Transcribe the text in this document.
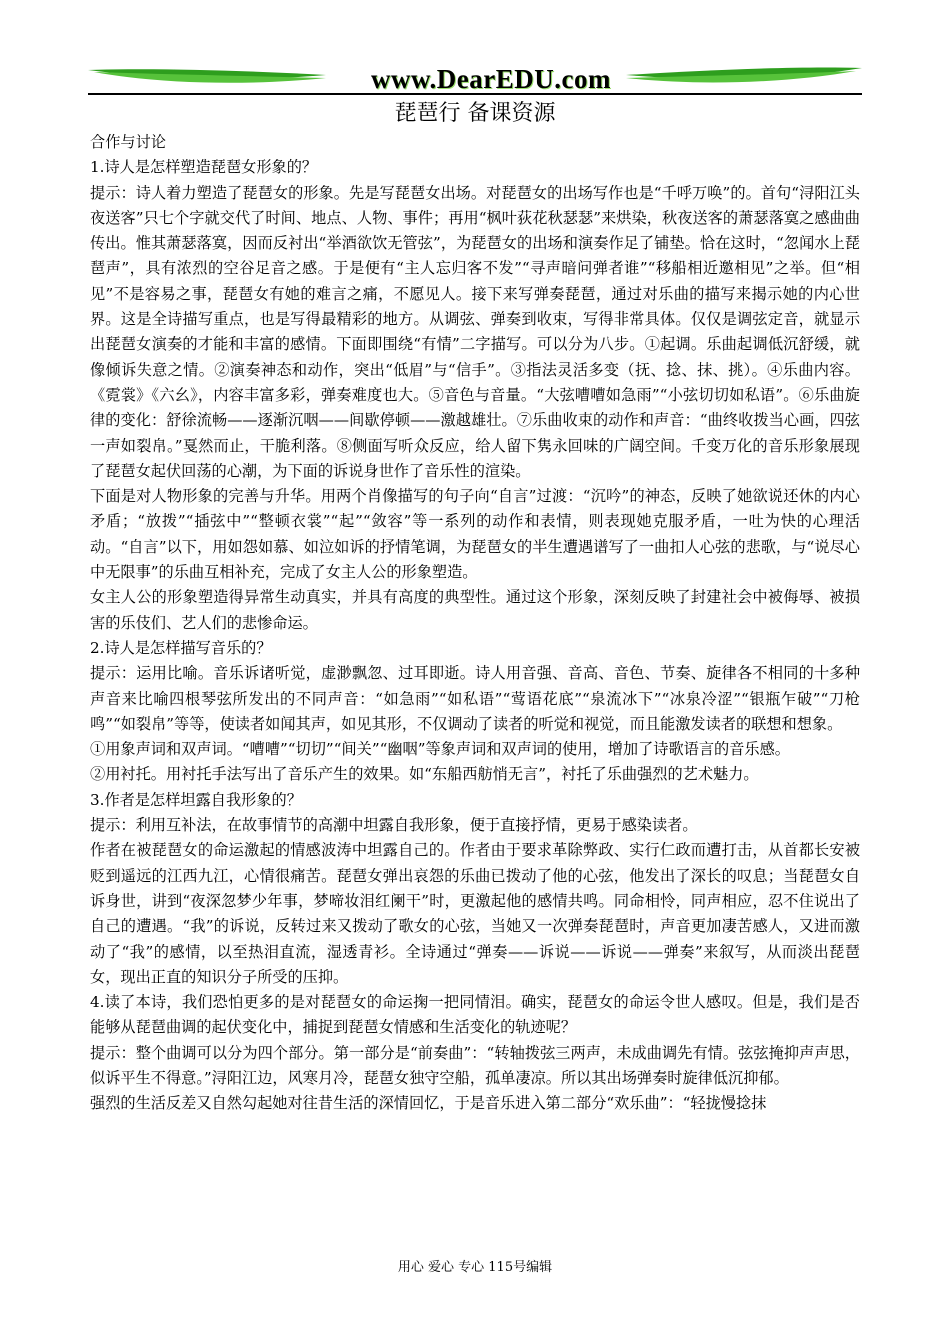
www.DearEDU.com
琵琶行 备课资源

合作与讨论

1.诗人是怎样塑造琵琶女形象的？

提示：诗人着力塑造了琵琶女的形象。先是写琵琶女出场。对琵琶女的出场写作也是“千呼万唤”的。首句“浔阳江头夜送客”只七个字就交代了时间、地点、人物、事件；再用“枫叶荻花秋瑟瑟”来烘染，秋夜送客的萧瑟落寞之感曲曲传出。惟其萧瑟落寞，因而反衬出“举酒欲饮无管弦”，为琵琶女的出场和演奏作足了铺垫。恰在这时，“忽闻水上琵琶声”，具有浓烈的空谷足音之感。于是便有“主人忘归客不发”“寻声暗问弹者谁”“移船相近邀相见”之举。但“相见”不是容易之事，琵琶女有她的难言之痛，不愿见人。接下来写弹奏琵琶，通过对乐曲的描写来揭示她的内心世界。这是全诗描写重点，也是写得最精彩的地方。从调弦、弹奏到收束，写得非常具体。仅仅是调弦定音，就显示出琵琶女演奏的才能和丰富的感情。下面即围绕“有情”二字描写。可以分为八步。①起调。乐曲起调低沉舒缓，就像倾诉失意之情。②演奏神态和动作，突出“低眉”与“信手”。③指法灵活多变（抚、捻、抹、挑）。④乐曲内容。《霓裳》《六幺》，内容丰富多彩，弹奏难度也大。⑤音色与音量。“大弦嘈嘈如急雨”“小弦切切如私语”。⑥乐曲旋律的变化：舒徐流畅——逐渐沉咽——间歇停顿——激越雄壮。⑦乐曲收束的动作和声音：“曲终收拨当心画，四弦一声如裂帛。”戛然而止，干脆利落。⑧侧面写听众反应，给人留下隽永回味的广阔空间。千变万化的音乐形象展现了琵琶女起伏回荡的心潮，为下面的诉说身世作了音乐性的渲染。

下面是对人物形象的完善与升华。用两个肖像描写的句子向“自言”过渡：“沉吟”的神态，反映了她欲说还休的内心矛盾；“放拨”“插弦中”“整顿衣裳”“起”“敛容”等一系列的动作和表情，则表现她克服矛盾，一吐为快的心理活动。“自言”以下，用如怨如慕、如泣如诉的抒情笔调，为琵琶女的半生遭遇谱写了一曲扣人心弦的悲歌，与“说尽心中无限事”的乐曲互相补充，完成了女主人公的形象塑造。

女主人公的形象塑造得异常生动真实，并具有高度的典型性。通过这个形象，深刻反映了封建社会中被侮辱、被损害的乐伎们、艺人们的悲惨命运。

2.诗人是怎样描写音乐的？

提示：运用比喻。音乐诉诸听觉，虚渺飘忽、过耳即逝。诗人用音强、音高、音色、节奏、旋律各不相同的十多种声音来比喻四根琴弦所发出的不同声音：“如急雨”“如私语”“莺语花底”“泉流冰下”“冰泉冷涩”“银瓶乍破”“刀枪鸣”“如裂帛”等等，使读者如闻其声，如见其形，不仅调动了读者的听觉和视觉，而且能激发读者的联想和想象。

①用象声词和双声词。“嘈嘈”“切切”“间关”“幽咽”等象声词和双声词的使用，增加了诗歌语言的音乐感。

②用衬托。用衬托手法写出了音乐产生的效果。如“东船西舫悄无言”，衬托了乐曲强烈的艺术魅力。

3.作者是怎样坦露自我形象的？

提示：利用互补法，在故事情节的高潮中坦露自我形象，便于直接抒情，更易于感染读者。

作者在被琵琶女的命运激起的情感波涛中坦露自己的。作者由于要求革除弊政、实行仁政而遭打击，从首都长安被贬到遥远的江西九江，心情很痛苦。琵琶女弹出哀怨的乐曲已拨动了他的心弦，他发出了深长的叹息；当琵琶女自诉身世，讲到“夜深忽梦少年事，梦啼妆泪红阑干”时，更激起他的感情共鸣。同命相怜，同声相应，忍不住说出了自己的遭遇。“我”的诉说，反转过来又拨动了歌女的心弦，当她又一次弹奏琵琶时，声音更加凄苦感人，又进而激动了“我”的感情，以至热泪直流，湿透青衫。全诗通过“弹奏——诉说——诉说——弹奏”来叙写，从而淡出琵琶女，现出正直的知识分子所受的压抑。

4.读了本诗，我们恐怕更多的是对琵琶女的命运掬一把同情泪。确实，琵琶女的命运令世人感叹。但是，我们是否能够从琵琶曲调的起伏变化中，捕捉到琵琶女情感和生活变化的轨迹呢？

提示：整个曲调可以分为四个部分。第一部分是“前奏曲”：“转轴拨弦三两声，未成曲调先有情。弦弦掩抑声声思，似诉平生不得意。”浔阳江边，风寒月冷，琵琶女独守空船，孤单凄凉。所以其出场弹奏时旋律低沉抑郁。

强烈的生活反差又自然勾起她对往昔生活的深情回忆，于是音乐进入第二部分“欢乐曲”：“轻拢慢捻抹

用心 爱心 专心 115号编辑
